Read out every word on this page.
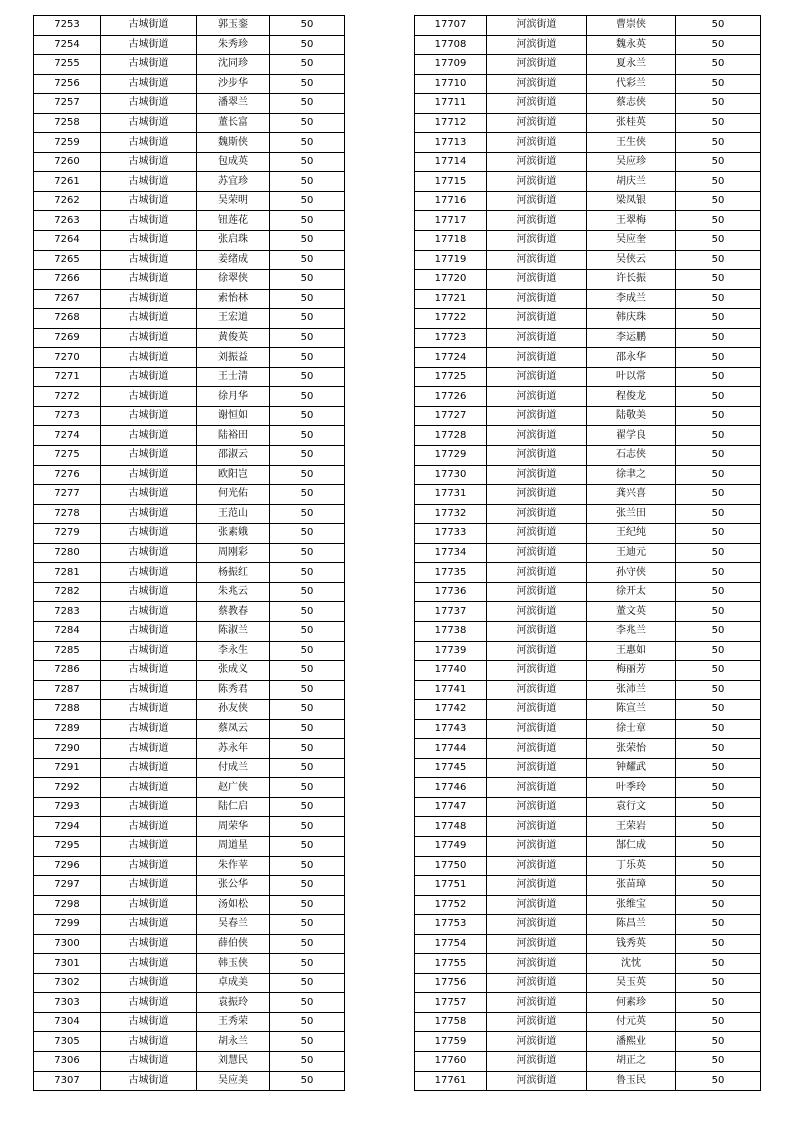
7253	古城街道	郭玉銮	50
7254	古城街道	朱秀珍	50
7255	古城街道	沈同珍	50
7256	古城街道	沙步华	50
7257	古城街道	潘翠兰	50
7258	古城街道	董长富	50
7259	古城街道	魏斯侠	50
7260	古城街道	包成英	50
7261	古城街道	苏宜珍	50
7262	古城街道	吴荣明	50
7263	古城街道	钮莲花	50
7264	古城街道	张启珠	50
7265	古城街道	姜绪成	50
7266	古城街道	徐翠侠	50
7267	古城街道	索怡林	50
7268	古城街道	王宏道	50
7269	古城街道	黄俊英	50
7270	古城街道	刘振益	50
7271	古城街道	王士清	50
7272	古城街道	徐月华	50
7273	古城街道	谢恒如	50
7274	古城街道	陆裕田	50
7275	古城街道	邵淑云	50
7276	古城街道	欧阳岂	50
7277	古城街道	何光佑	50
7278	古城街道	王范山	50
7279	古城街道	张素娥	50
7280	古城街道	周刚彩	50
7281	古城街道	杨振红	50
7282	古城街道	朱兆云	50
7283	古城街道	蔡教春	50
7284	古城街道	陈淑兰	50
7285	古城街道	李永生	50
7286	古城街道	张成义	50
7287	古城街道	陈秀君	50
7288	古城街道	孙友侠	50
7289	古城街道	蔡凤云	50
7290	古城街道	苏永年	50
7291	古城街道	付成兰	50
7292	古城街道	赵广侠	50
7293	古城街道	陆仁启	50
7294	古城街道	周荣华	50
7295	古城街道	周道星	50
7296	古城街道	朱作苹	50
7297	古城街道	张公华	50
7298	古城街道	汤如松	50
7299	古城街道	吴春兰	50
7300	古城街道	薛伯侠	50
7301	古城街道	韩玉侠	50
7302	古城街道	卓成美	50
7303	古城街道	袁振玲	50
7304	古城街道	王秀荣	50
7305	古城街道	胡永兰	50
7306	古城街道	刘慧民	50
7307	古城街道	吴应美	50
17707	河滨街道	曹崇侠	50
17708	河滨街道	魏永英	50
17709	河滨街道	夏永兰	50
17710	河滨街道	代彩兰	50
17711	河滨街道	蔡志侠	50
17712	河滨街道	张桂英	50
17713	河滨街道	王生侠	50
17714	河滨街道	吴应珍	50
17715	河滨街道	胡庆兰	50
17716	河滨街道	梁凤银	50
17717	河滨街道	王翠梅	50
17718	河滨街道	吴应奎	50
17719	河滨街道	吴侠云	50
17720	河滨街道	许长振	50
17721	河滨街道	李成兰	50
17722	河滨街道	韩庆珠	50
17723	河滨街道	李运鹏	50
17724	河滨街道	邵永华	50
17725	河滨街道	叶以常	50
17726	河滨街道	程俊龙	50
17727	河滨街道	陆敬美	50
17728	河滨街道	翟学良	50
17729	河滨街道	石志侠	50
17730	河滨街道	徐聿之	50
17731	河滨街道	龚兴喜	50
17732	河滨街道	张兰田	50
17733	河滨街道	王纪纯	50
17734	河滨街道	王迪元	50
17735	河滨街道	孙守侠	50
17736	河滨街道	徐开太	50
17737	河滨街道	董文英	50
17738	河滨街道	李兆兰	50
17739	河滨街道	王惠如	50
17740	河滨街道	梅丽芳	50
17741	河滨街道	张沛兰	50
17742	河滨街道	陈宣兰	50
17743	河滨街道	徐士章	50
17744	河滨街道	张荣怡	50
17745	河滨街道	钟耀武	50
17746	河滨街道	叶季玲	50
17747	河滨街道	袁行文	50
17748	河滨街道	王荣岩	50
17749	河滨街道	郜仁成	50
17750	河滨街道	丁乐英	50
17751	河滨街道	张苗璋	50
17752	河滨街道	张维宝	50
17753	河滨街道	陈昌兰	50
17754	河滨街道	钱秀英	50
17755	河滨街道	沈忱	50
17756	河滨街道	吴玉英	50
17757	河滨街道	何素珍	50
17758	河滨街道	付元英	50
17759	河滨街道	潘熙业	50
17760	河滨街道	胡正之	50
17761	河滨街道	鲁玉民	50
